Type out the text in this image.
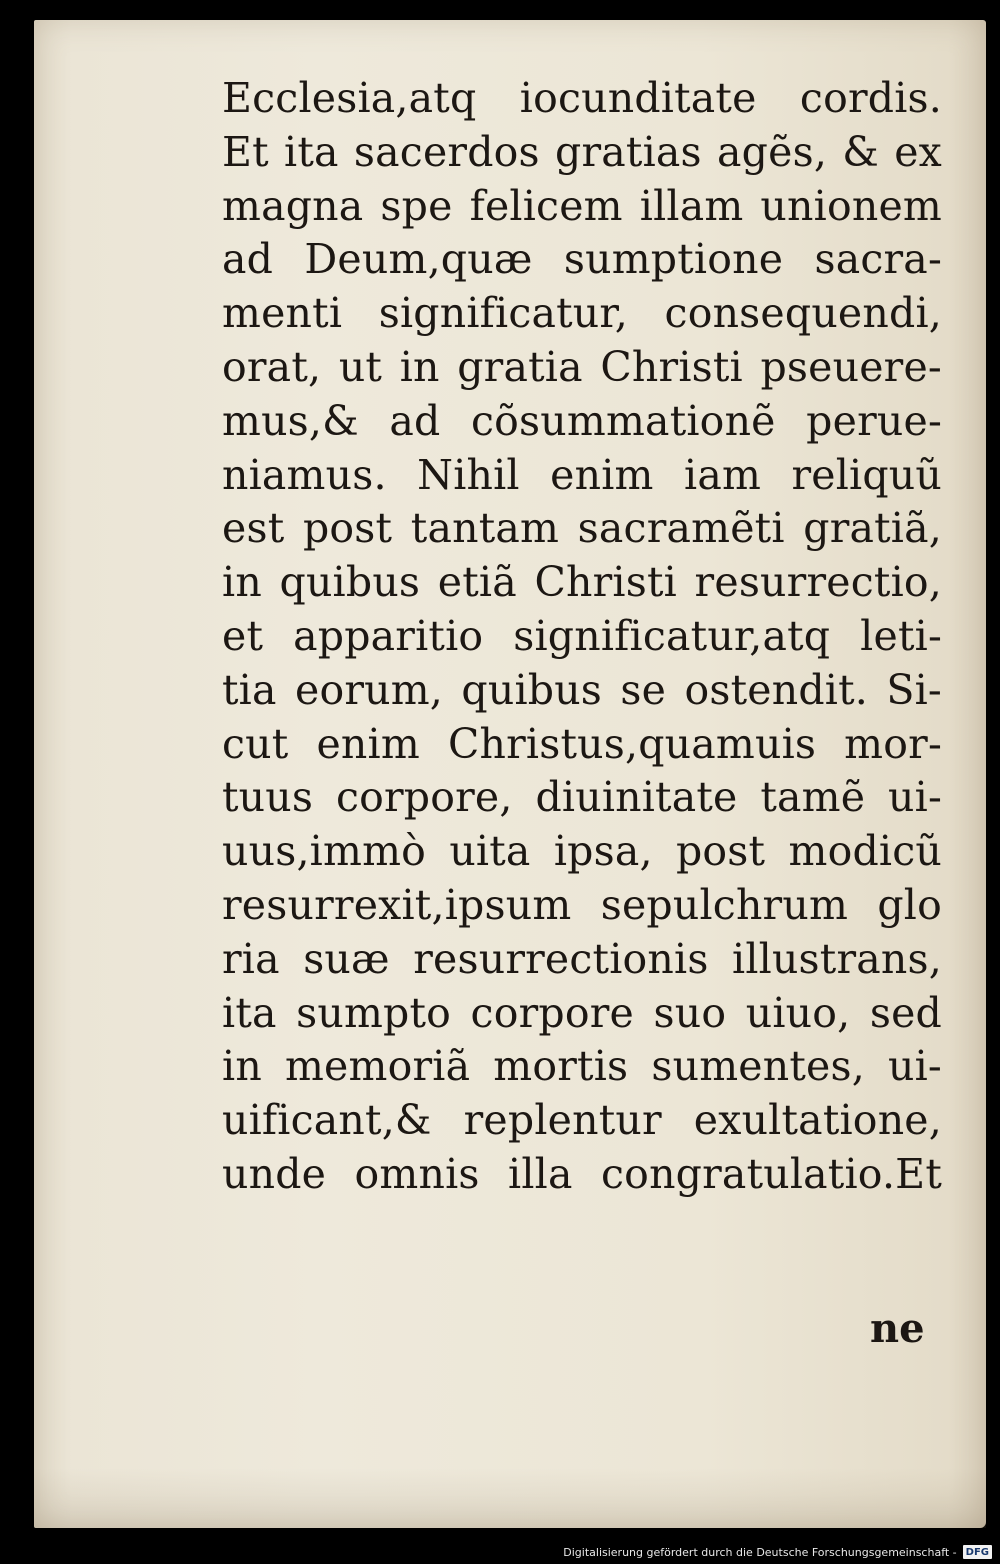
Ecclesia,atq iocunditate cordis.
Et ita sacerdos gratias agẽs, & ex
magna spe felicem illam unionem
ad Deum,quæ sumptione sacra-
menti significatur, consequendi,
orat, ut in gratia Christi pseuere-
mus,& ad cõsummationẽ perue-
niamus. Nihil enim iam reliquũ
est post tantam sacramẽti gratiã,
in quibus etiã Christi resurrectio,
et apparitio significatur,atq leti-
tia eorum, quibus se ostendit. Si-
cut enim Christus,quamuis mor-
tuus corpore, diuinitate tamẽ ui-
uus,immò uita ipsa, post modicũ
resurrexit,ipsum sepulchrum glo
ria suæ resurrectionis illustrans,
ita sumpto corpore suo uiuo, sed
in memoriã mortis sumentes, ui-
uificant,& replentur exultatione,
unde omnis illa congratulatio.Et
ne
Digitalisierung gefördert durch die Deutsche Forschungsgemeinschaft - DFG
